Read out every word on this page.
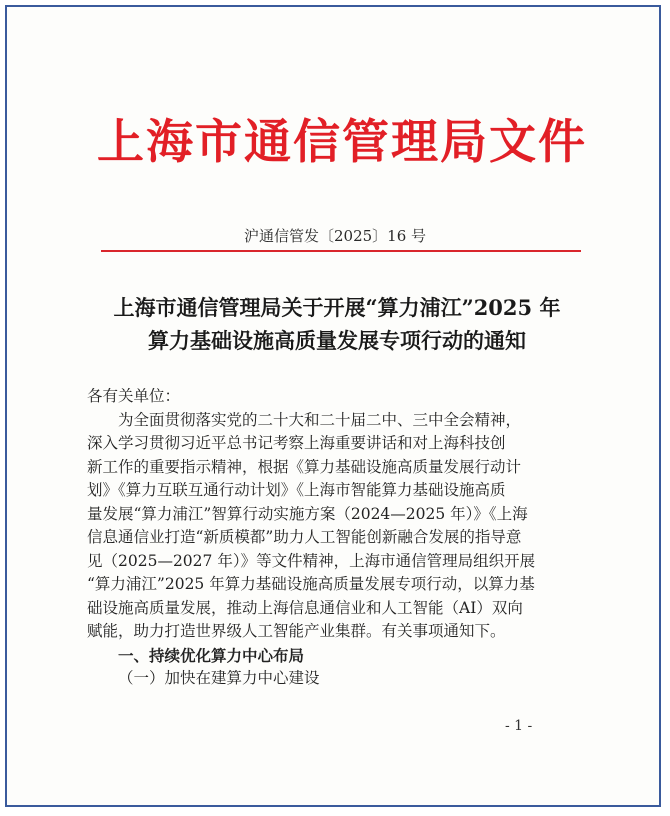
上海市通信管理局文件
沪通信管发〔2025〕16 号
上海市通信管理局关于开展“算力浦江”2025 年
算力基础设施高质量发展专项行动的通知

各有关单位：

为全面贯彻落实党的二十大和二十届二中、三中全会精神，
深入学习贯彻习近平总书记考察上海重要讲话和对上海科技创
新工作的重要指示精神，根据《算力基础设施高质量发展行动计
划》《算力互联互通行动计划》《上海市智能算力基础设施高质
量发展“算力浦江”智算行动实施方案（2024—2025 年）》《上海
信息通信业打造“新质模都”助力人工智能创新融合发展的指导意
见（2025—2027 年）》等文件精神，上海市通信管理局组织开展
“算力浦江”2025 年算力基础设施高质量发展专项行动，以算力基
础设施高质量发展，推动上海信息通信业和人工智能（AI）双向
赋能，助力打造世界级人工智能产业集群。有关事项通知下。
一、持续优化算力中心布局
（一）加快在建算力中心建设
- 1 -
